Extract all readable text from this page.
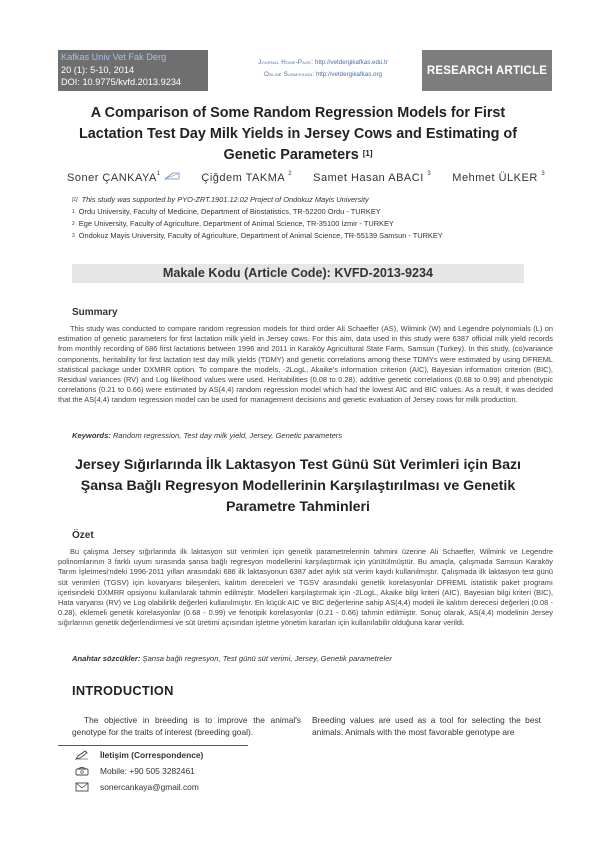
Kafkas Univ Vet Fak Derg
20 (1): 5-10, 2014
DOI: 10.9775/kvfd.2013.9234
Journal Home-Page: http://vetdergikafkas.edu.tr
Online Submission: http://vetdergikafkas.org	RESEARCH ARTICLE
A Comparison of Some Random Regression Models for First
Lactation Test Day Milk Yields in Jersey Cows and Estimating of
Genetic Parameters [1]
Soner ÇANKAYA$^1$	Çiğdem TAKMA $^2$ Samet Hasan ABACI $^3$ Mehmet ÜLKER $^3$
[1] This study was supported by PYO-ZRT.1901.12.02 Project of Ondokuz Mayis University
$^1$ Ordu University, Faculty of Medicine, Department of Biostatistics, TR-52200 Ordu - TURKEY
$^2$ Ege University, Faculty of Agriculture, Department of Animal Science, TR-35100 İzmir - TURKEY
$^3$ Ondokuz Mayis University, Faculty of Agriculture, Department of Animal Science, TR-55139 Samsun - TURKEY
Makale Kodu (Article Code): KVFD-2013-9234
Summary
This study was conducted to compare random regression models for third order Ali Schaeffer (AS), Wilmink (W) and Legendre polynomials (L) on estimation of genetic parameters for first lactation milk yield in Jersey cows. For this aim, data used in this study were 6387 official milk yield records from monthly recording of 686 first lactations between 1996 and 2011 in Karaköy Agricultural State Farm, Samsun (Turkey). In this study, (co)variance components, heritability for first lactation test day milk yields (TDMY) and genetic correlations among these TDMYs were estimated by using DFREML statistical package under DXMRR option. To compare the models, -2LogL, Akaike's information criterion (AIC), Bayesian information criterion (BIC), Residual variances (RV) and Log likelihood values were used. Heritabilities (0.08 to 0.28), additive genetic correlations (0.68 to 0.99) and phenotypic correlations (0.21 to 0.66) were estimated by AS(4,4) random regression model which had the lowest AIC and BIC values. As a result, it was decided that the AS(4,4) random regression model can be used for management decisions and genetic evaluation of Jersey cows for milk production.
Keywords: Random regression, Test day milk yield, Jersey, Genetic parameters
Jersey Sığırlarında İlk Laktasyon Test Günü Süt Verimleri için Bazı
Şansa Bağlı Regresyon Modellerinin Karşılaştırılması ve Genetik
Parametre Tahminleri
Özet
Bu çalışma Jersey sığırlarında ilk laktasyon süt verimleri için genetik parametrelerinin tahmini üzerine Ali Schaeffer, Wilmink ve Legendre polinomlarının 3 farklı uyum sırasında şansa bağlı regresyon modellerini karşılaştırmak için yürütülmüştür. Bu amaçla, çalışmada Samsun Karaköy Tarım İşletmesi'ndeki 1996-2011 yılları arasındaki 686 ilk laktasyonun 6387 adet aylık süt verim kaydı kullanılmıştır. Çalışmada ilk laktasyon test günü süt verimleri (TGSV) için kovaryans bileşenleri, kalıtım dereceleri ve TGSV arasındaki genetik korelasyonlar DFREML istatistik paket programı içerisindeki DXMRR opsiyonu kullanılarak tahmin edilmiştir. Modelleri karşılaştırmak için -2LogL, Akaike bilgi kriteri (AIC), Bayesian bilgi kriteri (BIC), Hata varyansı (RV) ve Log olabilirlik değerleri kullanılmıştır. En küçük AIC ve BIC değerlerine sahip AS(4,4) modeli ile kalıtım derecesi değerleri (0.08 - 0.28), eklemeli genetik korelasyonlar (0.68 - 0.99) ve fenotipik korelasyonlar (0.21 - 0.66) tahmin edilmiştir. Sonuç olarak, AS(4,4) modelinin Jersey sığırlarının genetik değerlendirmesi ve süt üretimi açısından işletme yönetim kararları için kullanılabilir olduğuna karar verildi.
Anahtar sözcükler: Şansa bağlı regresyon, Test günü süt verimi, Jersey, Genetik parametreler
INTRODUCTION
The objective in breeding is to improve the animal's genotype for the traits of interest (breeding goal).
Breeding values are used as a tool for selecting the best animals. Animals with the most favorable genotype are
İletişim (Correspondence)
Mobile: +90 505 3282461
sonercankaya@gmail.com
